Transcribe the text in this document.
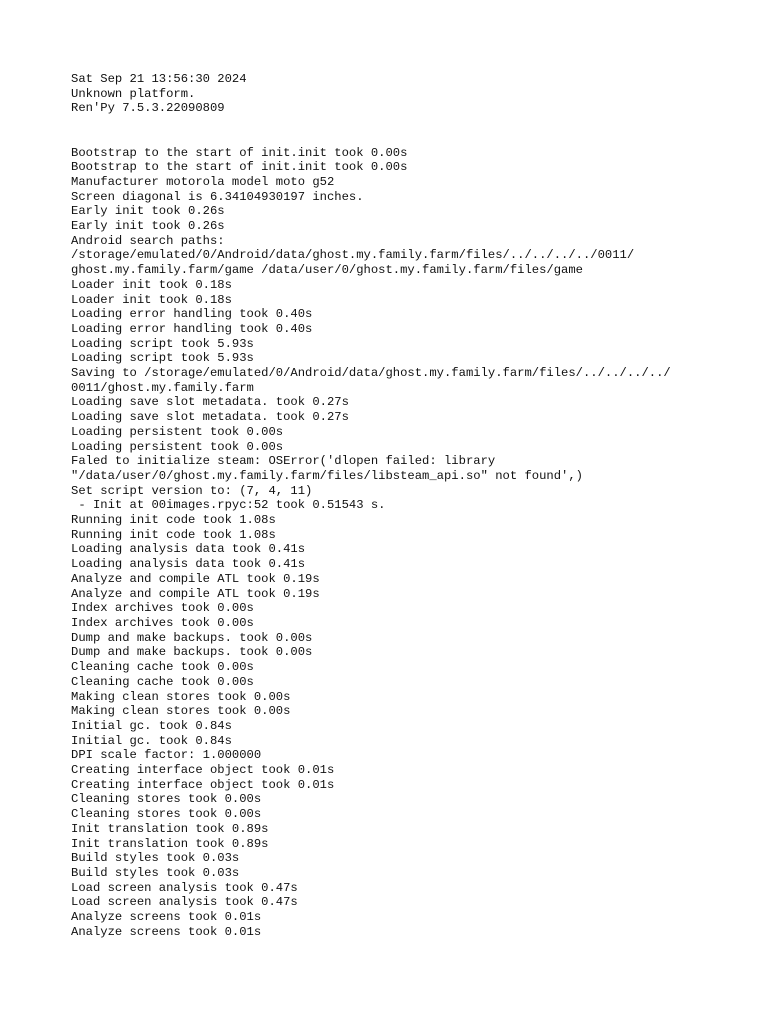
Sat Sep 21 13:56:30 2024
Unknown platform.
Ren'Py 7.5.3.22090809
Bootstrap to the start of init.init took 0.00s
Bootstrap to the start of init.init took 0.00s
Manufacturer motorola model moto g52
Screen diagonal is 6.34104930197 inches.
Early init took 0.26s
Early init took 0.26s
Android search paths:
/storage/emulated/0/Android/data/ghost.my.family.farm/files/../../../../0011/
ghost.my.family.farm/game /data/user/0/ghost.my.family.farm/files/game
Loader init took 0.18s
Loader init took 0.18s
Loading error handling took 0.40s
Loading error handling took 0.40s
Loading script took 5.93s
Loading script took 5.93s
Saving to /storage/emulated/0/Android/data/ghost.my.family.farm/files/../../../../
0011/ghost.my.family.farm
Loading save slot metadata. took 0.27s
Loading save slot metadata. took 0.27s
Loading persistent took 0.00s
Loading persistent took 0.00s
Faled to initialize steam: OSError('dlopen failed: library
"/data/user/0/ghost.my.family.farm/files/libsteam_api.so" not found',)
Set script version to: (7, 4, 11)
- Init at 00images.rpyc:52 took 0.51543 s.
Running init code took 1.08s
Running init code took 1.08s
Loading analysis data took 0.41s
Loading analysis data took 0.41s
Analyze and compile ATL took 0.19s
Analyze and compile ATL took 0.19s
Index archives took 0.00s
Index archives took 0.00s
Dump and make backups. took 0.00s
Dump and make backups. took 0.00s
Cleaning cache took 0.00s
Cleaning cache took 0.00s
Making clean stores took 0.00s
Making clean stores took 0.00s
Initial gc. took 0.84s
Initial gc. took 0.84s
DPI scale factor: 1.000000
Creating interface object took 0.01s
Creating interface object took 0.01s
Cleaning stores took 0.00s
Cleaning stores took 0.00s
Init translation took 0.89s
Init translation took 0.89s
Build styles took 0.03s
Build styles took 0.03s
Load screen analysis took 0.47s
Load screen analysis took 0.47s
Analyze screens took 0.01s
Analyze screens took 0.01s
